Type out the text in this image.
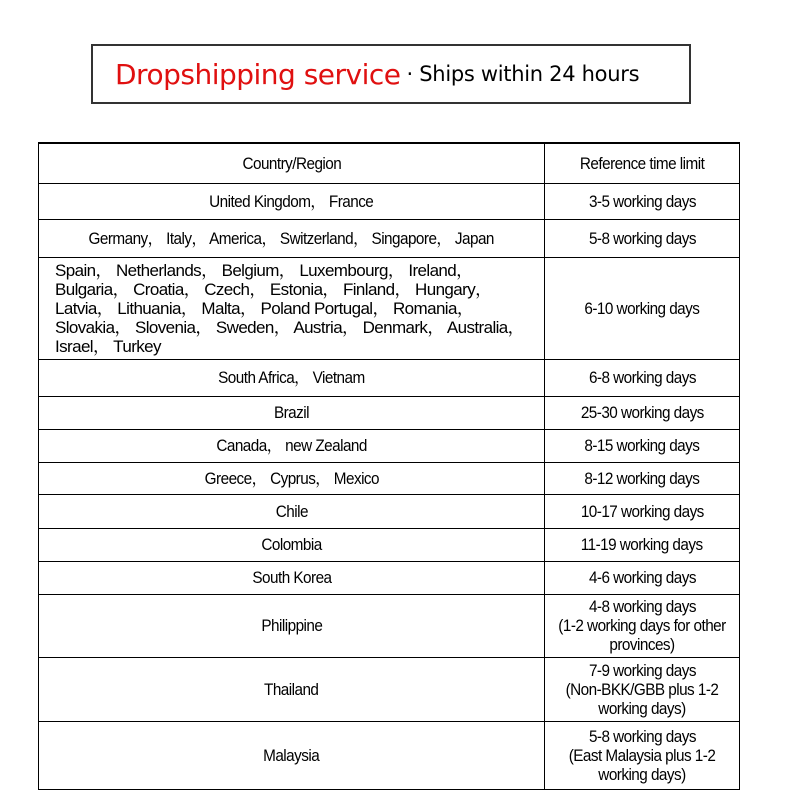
Dropshipping service · Ships within 24 hours
Country/Region	Reference time limit
United Kingdom， France	3-5 working days
Germany， Italy， America， Switzerland， Singapore， Japan	5-8 working days
Spain， Netherlands， Belgium， Luxembourg， Ireland， Bulgaria， Croatia， Czech， Estonia， Finland， Hungary， Latvia， Lithuania， Malta， Poland Portugal， Romania， Slovakia， Slovenia， Sweden， Austria， Denmark， Australia， Israel， Turkey	6-10 working days
South Africa， Vietnam	6-8 working days
Brazil	25-30 working days
Canada， new Zealand	8-15 working days
Greece， Cyprus， Mexico	8-12 working days
Chile	10-17 working days
Colombia	11-19 working days
South Korea	4-6 working days
Philippine	4-8 working days (1-2 working days for other provinces)
Thailand	7-9 working days (Non-BKK/GBB plus 1-2 working days)
Malaysia	5-8 working days (East Malaysia plus 1-2 working days)
